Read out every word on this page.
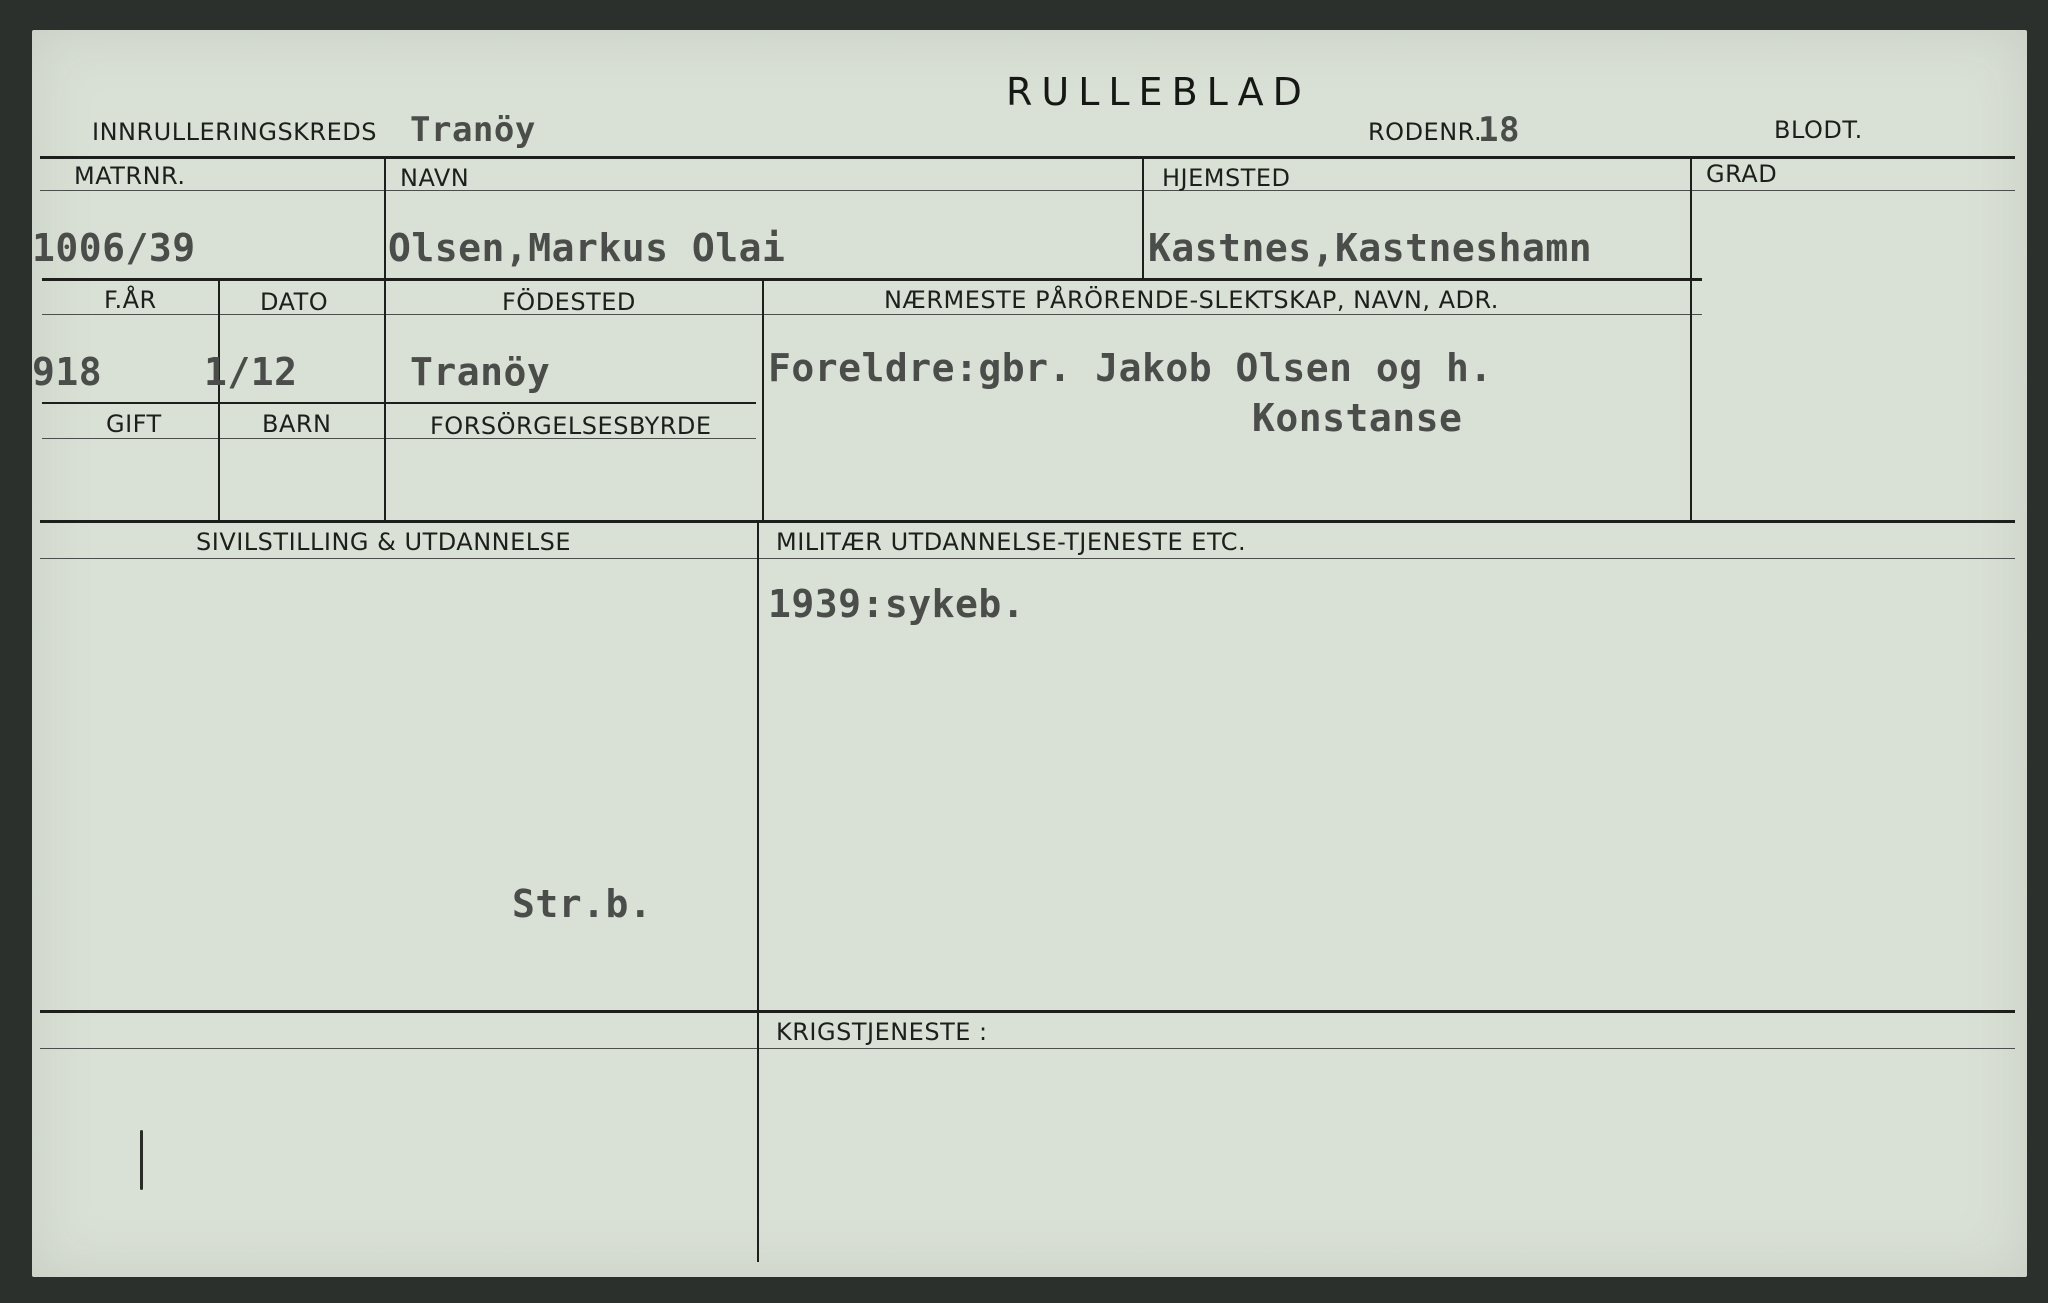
RULLEBLAD
INNRULLERINGSKREDS Tranöy	RODENR.
18	BLODT.
MATRNR.
1006/39
NAVN
Olsen,Markus Olai
HJEMSTED
Kastnes,Kastneshamn
GRAD
F.ÅR
918
DATO
1/12
FÖDESTED
Tranöy
NÆRMESTE PÅRÖRENDE-SLEKTSKAP, NAVN, ADR.
Foreldre:gbr. Jakob Olsen og h.
Konstanse
GIFT	BARN	FORSÖRGELSESBYRDE
SIVILSTILLING & UTDANNELSE
Str.b.
MILITÆR UTDANNELSE-TJENESTE ETC.
1939:sykeb.
KRIGSTJENESTE :
